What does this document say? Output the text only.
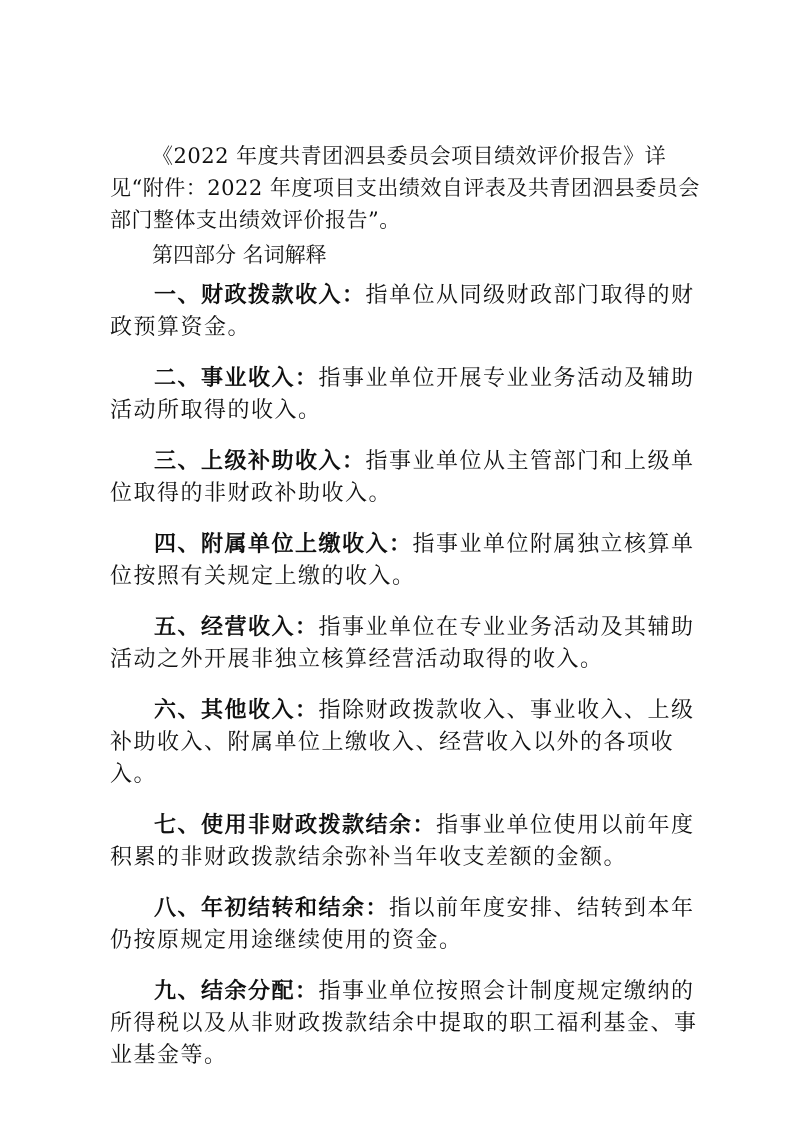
《2022 年度共青团泗县委员会项目绩效评价报告》详见“附件：2022 年度项目支出绩效自评表及共青团泗县委员会部门整体支出绩效评价报告”。

第四部分 名词解释

一、财政拨款收入：指单位从同级财政部门取得的财政预算资金。

二、事业收入：指事业单位开展专业业务活动及辅助活动所取得的收入。

三、上级补助收入：指事业单位从主管部门和上级单位取得的非财政补助收入。

四、附属单位上缴收入：指事业单位附属独立核算单位按照有关规定上缴的收入。

五、经营收入：指事业单位在专业业务活动及其辅助活动之外开展非独立核算经营活动取得的收入。

六、其他收入：指除财政拨款收入、事业收入、上级补助收入、附属单位上缴收入、经营收入以外的各项收入。

七、使用非财政拨款结余：指事业单位使用以前年度积累的非财政拨款结余弥补当年收支差额的金额。

八、年初结转和结余：指以前年度安排、结转到本年仍按原规定用途继续使用的资金。

九、结余分配：指事业单位按照会计制度规定缴纳的所得税以及从非财政拨款结余中提取的职工福利基金、事业基金等。
